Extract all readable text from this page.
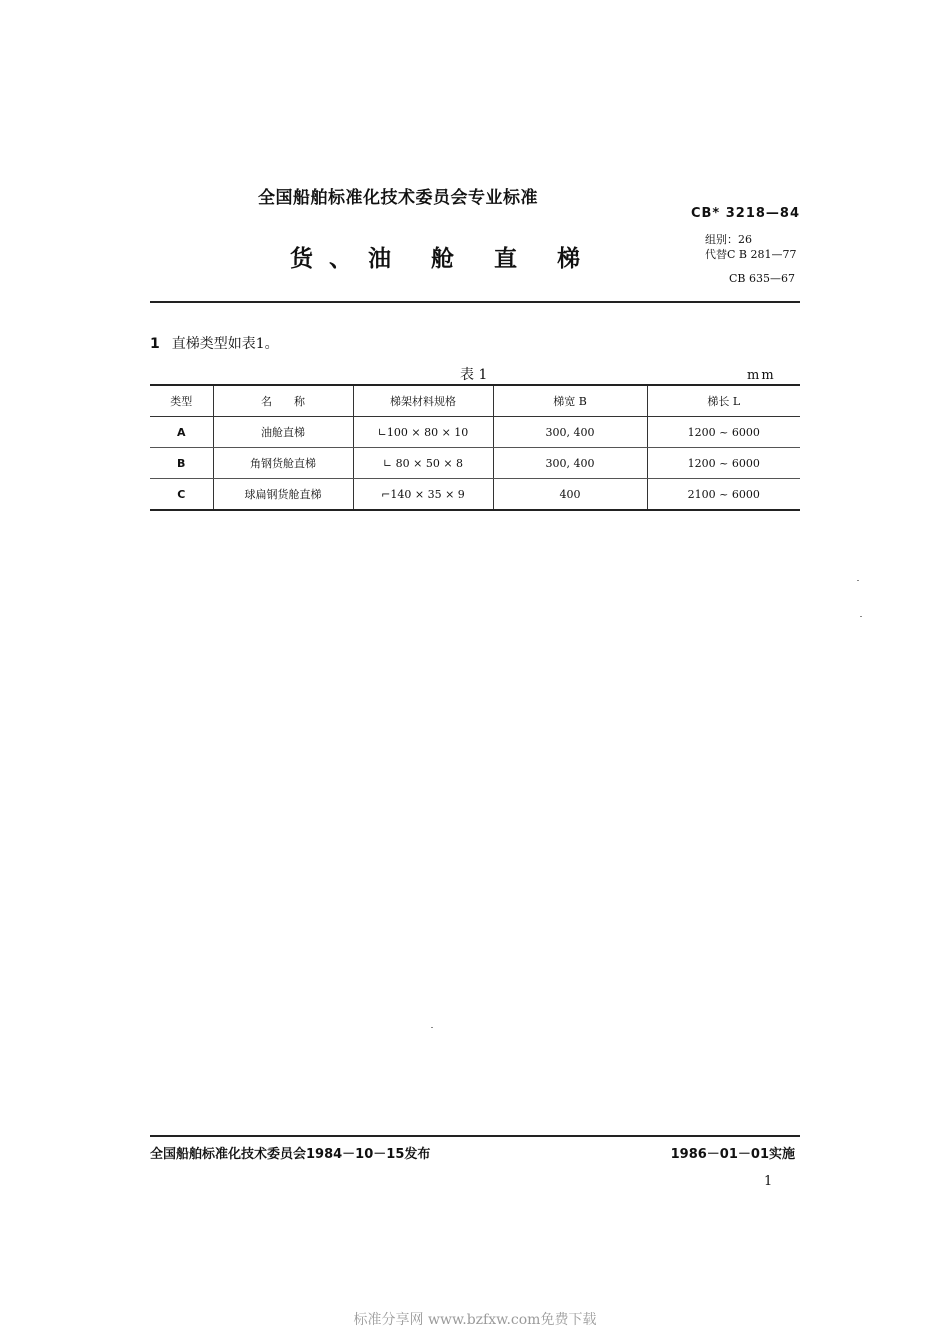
全国船舶标准化技术委员会专业标准
CB* 3218—84
货、油 舱 直 梯
组别：26
代替C B 281—77
CB 635—67
1 直梯类型如表1。
表 1	mm
类型	名　　称	梯架材料规格	梯宽 B	梯长 L
A	油舱直梯	∟100 × 80 × 10	300, 400	1200 ~ 6000
B	角钢货舱直梯	∟ 80 × 50 × 8	300, 400	1200 ~ 6000
C	球扁钢货舱直梯	⌐140 × 35 × 9	400	2100 ~ 6000
全国船舶标准化技术委员会1984－10－15发布	1986－01－01实施
1
标准分享网 www.bzfxw.com免费下载
